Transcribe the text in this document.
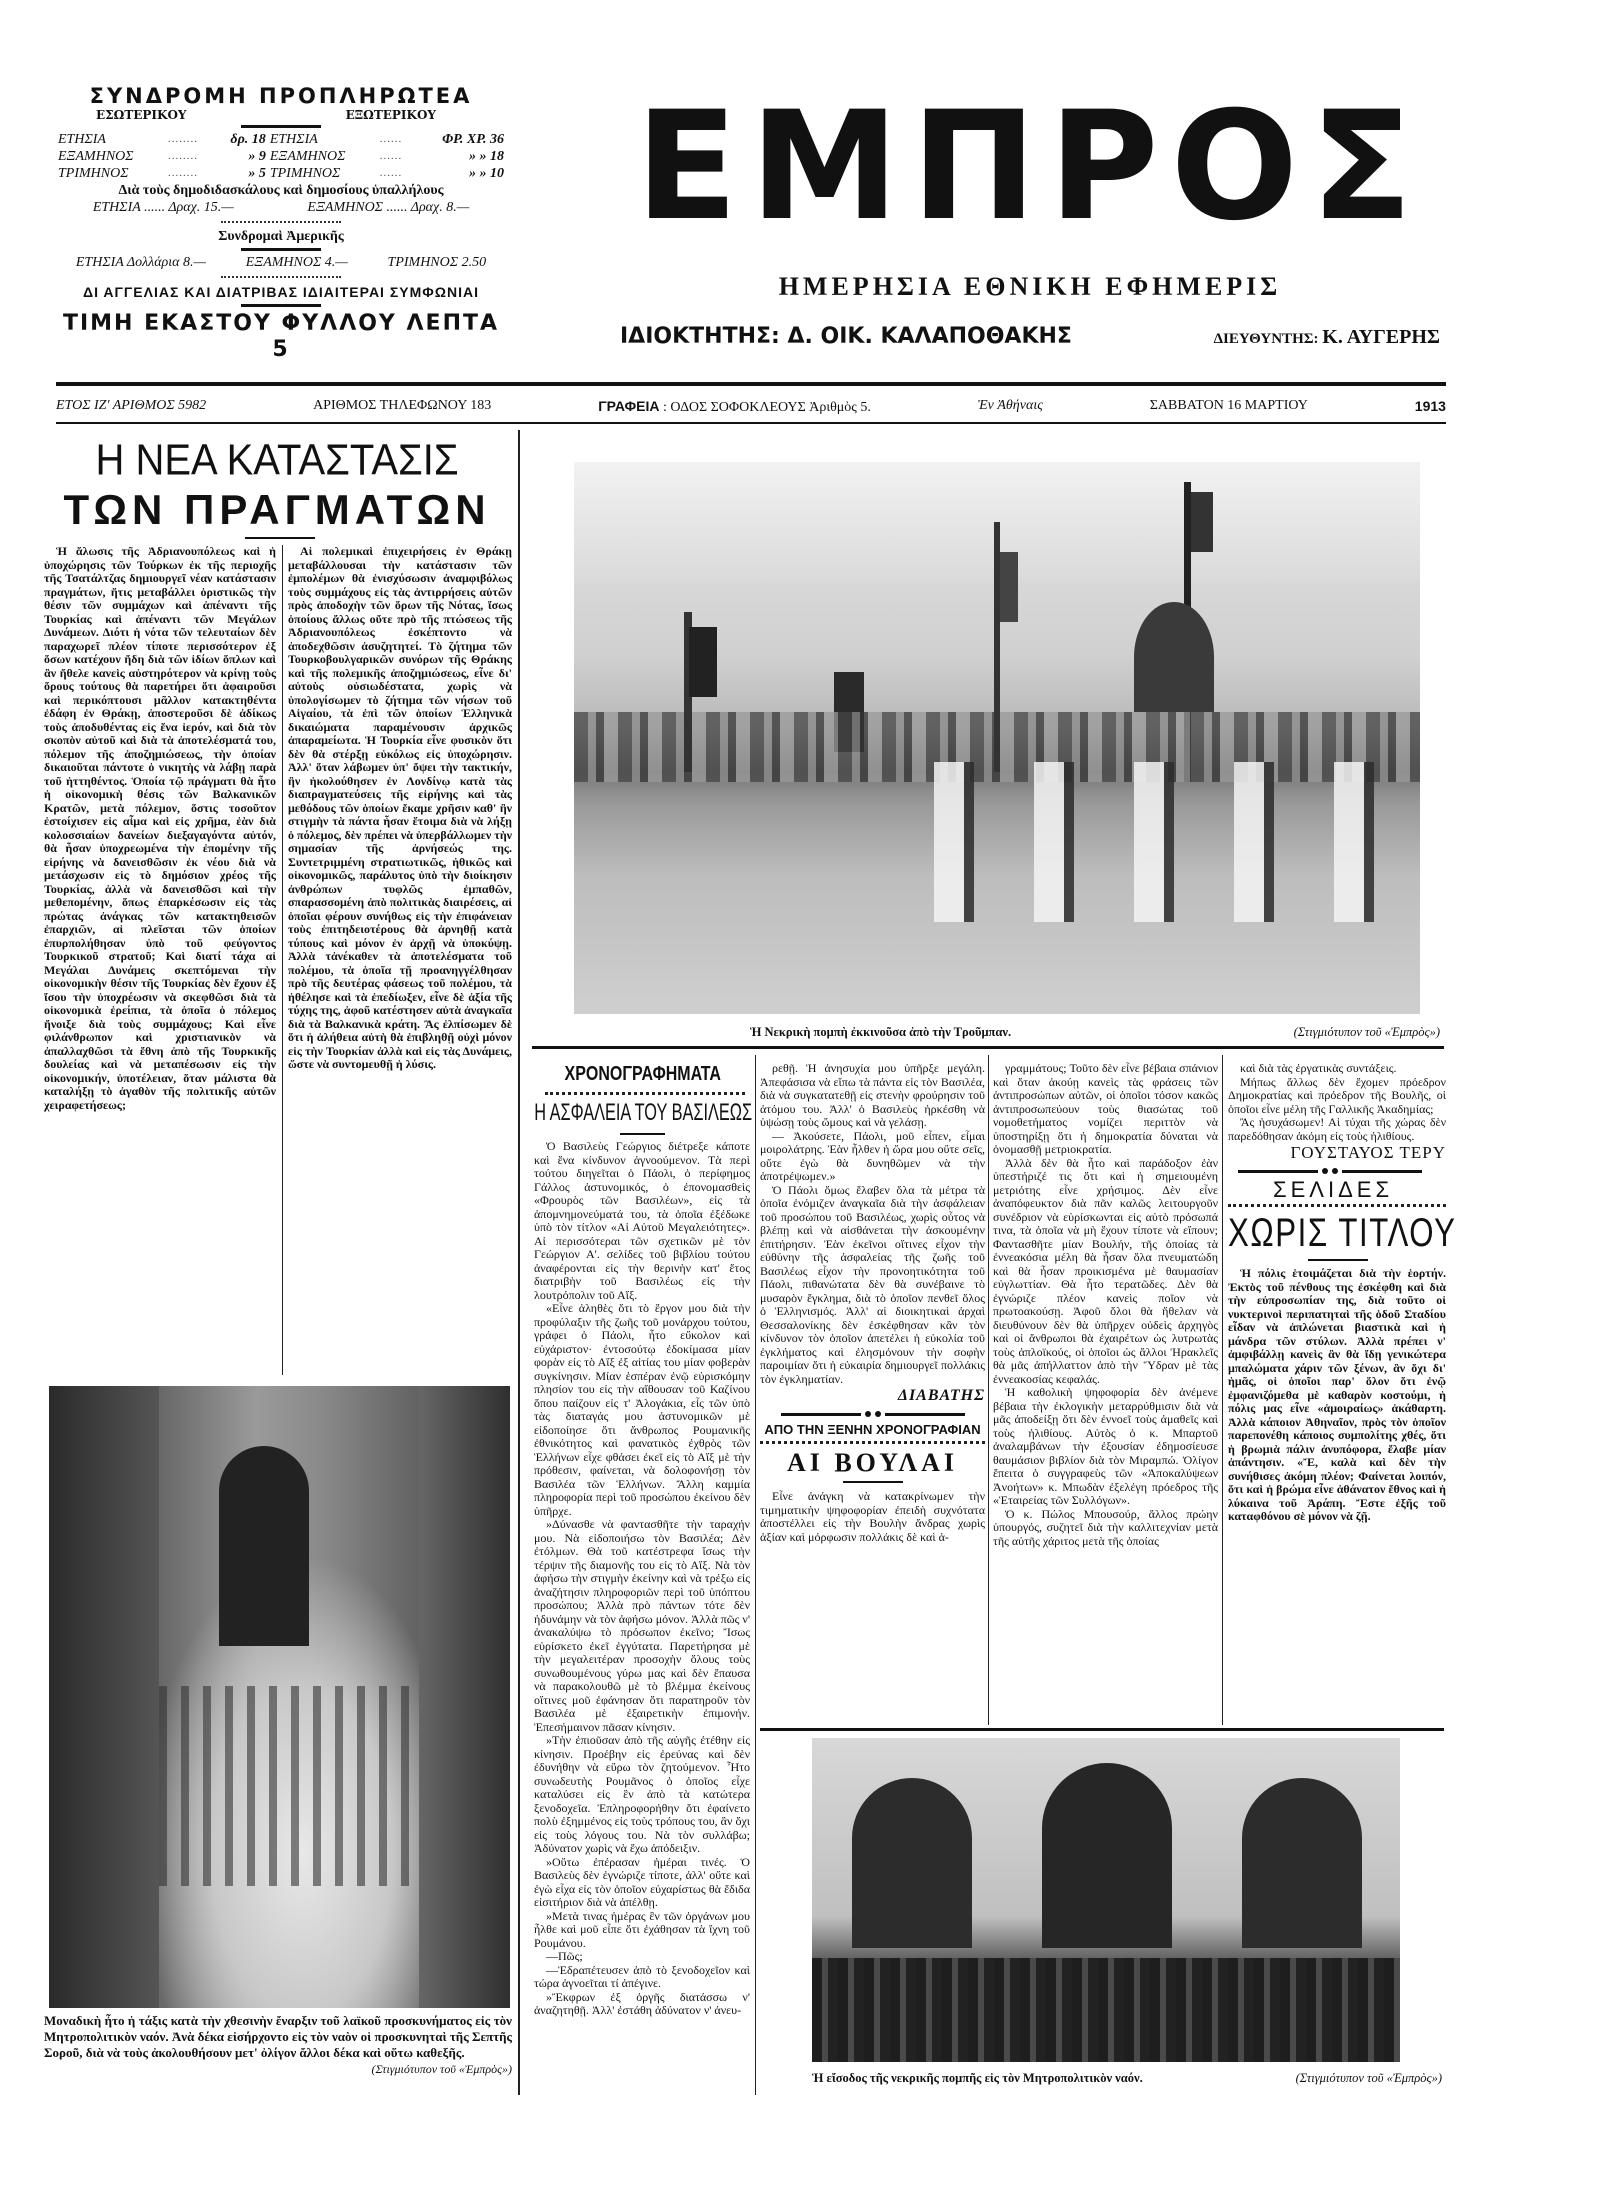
ΣΥΝΔΡΟΜΗ ΠΡΟΠΛΗΡΩΤΕΑ
ΕΣΩΤΕΡΙΚΟΥ	ΕΞΩΤΕΡΙΚΟΥ
ΕΤΗΣΙΑ	........	δρ. 18	ΕΤΗΣΙΑ	......	ΦΡ. ΧΡ. 36
ΕΞΑΜΗΝΟΣ	........	» 9	ΕΞΑΜΗΝΟΣ	......	» » 18
ΤΡΙΜΗΝΟΣ	........	» 5	ΤΡΙΜΗΝΟΣ	......	» » 10
Διὰ τοὺς δημοδιδασκάλους καὶ δημοσίους ὑπαλλήλους
ΕΤΗΣΙΑ ...... Δραχ. 15.—	ΕΞΑΜΗΝΟΣ ...... Δραχ. 8.—
Συνδρομαὶ Ἀμερικῆς
ΕΤΗΣΙΑ Δολλάρια 8.—	ΕΞΑΜΗΝΟΣ 4.—	ΤΡΙΜΗΝΟΣ 2.50
ΔΙ ΑΓΓΕΛΙΑΣ ΚΑΙ ΔΙΑΤΡΙΒΑΣ ΙΔΙΑΙΤΕΡΑΙ ΣΥΜΦΩΝΙΑΙ
ΤΙΜΗ ΕΚΑΣΤΟΥ ΦΥΛΛΟΥ ΛΕΠΤΑ 5
ΕΜΠΡΟΣ
ΗΜΕΡΗΣΙΑ ΕΘΝΙΚΗ ΕΦΗΜΕΡΙΣ
ΙΔΙΟΚΤΗΤΗΣ: Δ. ΟΙΚ. ΚΑΛΑΠΟΘΑΚΗΣ	ΔΙΕΥΘΥΝΤΗΣ: Κ. ΑΥΓΕΡΗΣ
ΕΤΟΣ ΙΖ' ΑΡΙΘΜΟΣ 5982	ΑΡΙΘΜΟΣ ΤΗΛΕΦΩΝΟΥ 183	ΓΡΑΦΕΙΑ : ΟΔΟΣ ΣΟΦΟΚΛΕΟΥΣ Ἀριθμὸς 5.	Ἐν Ἀθήναις	ΣΑΒΒΑΤΟΝ 16 ΜΑΡΤΙΟΥ	1913
Η ΝΕΑ ΚΑΤΑΣΤΑΣΙΣ
ΤΩΝ ΠΡΑΓΜΑΤΩΝ

Ἡ ἅλωσις τῆς Ἀδριανουπόλεως καὶ ἡ ὑποχώρησις τῶν Τούρκων ἐκ τῆς περιοχῆς τῆς Τσατάλτζας δημιουργεῖ νέαν κατάστασιν πραγμάτων, ἥτις μεταβάλλει ὁριστικῶς τὴν θέσιν τῶν συμμάχων καὶ ἀπέναντι τῆς Τουρκίας καὶ ἀπέναντι τῶν Μεγάλων Δυνάμεων. Διότι ἡ νότα τῶν τελευταίων δὲν παραχωρεῖ πλέον τίποτε περισσότερον ἐξ ὅσων κατέχουν ἤδη διὰ τῶν ἰδίων ὅπλων καὶ ἂν ἤθελε κανεὶς αὐστηρότερον νὰ κρίνῃ τοὺς ὅρους τούτους θὰ παρετήρει ὅτι ἀφαιροῦσι καὶ περικόπτουσι μᾶλλον κατακτηθέντα ἐδάφη ἐν Θράκῃ, ἀποστεροῦσι δὲ ἀδίκως τοὺς ἀποδυθέντας εἰς ἕνα ἱερόν, καὶ διὰ τὸν σκοπὸν αὐτοῦ καὶ διὰ τὰ ἀποτελέσματά του, πόλεμον τῆς ἀποζημιώσεως, τὴν ὁποίαν δικαιοῦται πάντοτε ὁ νικητὴς νὰ λάβῃ παρὰ τοῦ ἡττηθέντος. Ὁποία τῷ πράγματι θὰ ἦτο ἡ οἰκονομικὴ θέσις τῶν Βαλκανικῶν Κρατῶν, μετὰ πόλεμον, ὅστις τοσοῦτον ἐστοίχισεν εἰς αἷμα καὶ εἰς χρῆμα, ἐὰν διὰ κολοσσιαίων δανείων διεξαγαγόντα αὐτόν, θὰ ἦσαν ὑποχρεωμένα τὴν ἐπομένην τῆς εἰρήνης νὰ δανεισθῶσιν ἐκ νέου διὰ νὰ μετάσχωσιν εἰς τὸ δημόσιον χρέος τῆς Τουρκίας, ἀλλὰ νὰ δανεισθῶσι καὶ τὴν μεθεπομένην, ὅπως ἐπαρκέσωσιν εἰς τὰς πρώτας ἀνάγκας τῶν κατακτηθεισῶν ἐπαρχιῶν, αἱ πλεῖσται τῶν ὁποίων ἐπυρπολήθησαν ὑπὸ τοῦ φεύγοντος Τουρκικοῦ στρατοῦ; Καὶ διατί τάχα αἱ Μεγάλαι Δυνάμεις σκεπτόμεναι τὴν οἰκονομικὴν θέσιν τῆς Τουρκίας δὲν ἔχουν ἐξ ἴσου τὴν ὑποχρέωσιν νὰ σκεφθῶσι διὰ τὰ οἰκονομικὰ ἐρείπια, τὰ ὁποῖα ὁ πόλεμος ἤνοιξε διὰ τοὺς συμμάχους; Καὶ εἶνε φιλάνθρωπον καὶ χριστιανικὸν νὰ ἀπαλλαχθῶσι τὰ ἔθνη ἀπὸ τῆς Τουρκικῆς δουλείας καὶ νὰ μεταπέσωσιν εἰς τὴν οἰκονομικήν, ὑποτέλειαν, ὅταν μάλιστα θὰ καταλήξῃ τὸ ἀγαθὸν τῆς πολιτικῆς αὐτῶν χειραφετήσεως;

Αἱ πολεμικαὶ ἐπιχειρήσεις ἐν Θράκῃ μεταβάλλουσαι τὴν κατάστασιν τῶν ἐμπολέμων θὰ ἐνισχύσωσιν ἀναμφιβόλως τοὺς συμμάχους εἰς τὰς ἀντιρρήσεις αὐτῶν πρὸς ἀποδοχὴν τῶν ὅρων τῆς Νότας, ἴσως ὁποίους ἄλλως οὔτε πρὸ τῆς πτώσεως τῆς Ἀδριανουπόλεως ἐσκέπτοντο νὰ ἀποδεχθῶσιν ἀσυζητητεί. Τὸ ζήτημα τῶν Τουρκοβουλγαρικῶν συνόρων τῆς Θράκης καὶ τῆς πολεμικῆς ἀποζημιώσεως, εἶνε δι' αὐτοὺς οὐσιωδέστατα, χωρὶς νὰ ὑπολογίσωμεν τὸ ζήτημα τῶν νήσων τοῦ Αἰγαίου, τὰ ἐπὶ τῶν ὁποίων Ἑλληνικὰ δικαιώματα παραμένουσιν ἀρχικῶς ἀπαραμείωτα. Ἡ Τουρκία εἶνε φυσικὸν ὅτι δὲν θὰ στέρξῃ εὐκόλως εἰς ὑποχώρησιν. Ἀλλ' ὅταν λάβωμεν ὑπ' ὄψει τὴν τακτικήν, ἣν ἠκολούθησεν ἐν Λονδίνῳ κατὰ τὰς διαπραγματεύσεις τῆς εἰρήνης καὶ τὰς μεθόδους τῶν ὁποίων ἔκαμε χρῆσιν καθ' ἣν στιγμὴν τὰ πάντα ἦσαν ἕτοιμα διὰ νὰ λήξῃ ὁ πόλεμος, δὲν πρέπει νὰ ὑπερβάλλωμεν τὴν σημασίαν τῆς ἀρνήσεώς της. Συντετριμμένη στρατιωτικῶς, ἠθικῶς καὶ οἰκονομικῶς, παράλυτος ὑπὸ τὴν διοίκησιν ἀνθρώπων τυφλῶς ἐμπαθῶν, σπαρασσομένη ἀπὸ πολιτικὰς διαιρέσεις, αἱ ὁποῖαι φέρουν συνήθως εἰς τὴν ἐπιφάνειαν τοὺς ἐπιτηδειοτέρους θὰ ἀρνηθῇ κατὰ τύπους καὶ μόνον ἐν ἀρχῇ νὰ ὑποκύψῃ. Ἀλλὰ τἀνέκαθεν τὰ ἀποτελέσματα τοῦ πολέμου, τὰ ὁποῖα τῇ προανηγγέλθησαν πρὸ τῆς δευτέρας φάσεως τοῦ πολέμου, τὰ ἠθέλησε καὶ τὰ ἐπεδίωξεν, εἶνε δὲ ἀξία τῆς τύχης της, ἀφοῦ κατέστησεν αὐτὰ ἀναγκαῖα διὰ τὰ Βαλκανικὰ κράτη. Ἂς ἐλπίσωμεν δὲ ὅτι ἡ ἀλήθεια αὐτὴ θὰ ἐπιβληθῇ οὐχὶ μόνον εἰς τὴν Τουρκίαν ἀλλὰ καὶ εἰς τὰς Δυνάμεις, ὥστε νὰ συντομευθῇ ἡ λύσις.

Ἡ Νεκρικὴ πομπὴ ἐκκινοῦσα ἀπὸ τὴν Τροῦμπαν.	(Στιγμιότυπον τοῦ «Ἐμπρὸς»)
ΧΡΟΝΟΓΡΑΦΗΜΑΤΑ
Η ΑΣΦΑΛΕΙΑ ΤΟΥ ΒΑΣΙΛΕΩΣ

Ὁ Βασιλεὺς Γεώργιος διέτρεξε κάποτε καὶ ἕνα κίνδυνον ἀγνοούμενον. Τὰ περὶ τούτου διηγεῖται ὁ Πάολι, ὁ περίφημος Γάλλος ἀστυνομικός, ὁ ἐπονομασθεὶς «Φρουρὸς τῶν Βασιλέων», εἰς τὰ ἀπομνημονεύματά του, τὰ ὁποῖα ἐξέδωκε ὑπὸ τὸν τίτλον «Αἱ Αὐτοῦ Μεγαλειότητες». Αἱ περισσότεραι τῶν σχετικῶν μὲ τὸν Γεώργιον Α'. σελίδες τοῦ βιβλίου τούτου ἀναφέρονται εἰς τὴν θερινὴν κατ' ἔτος διατριβὴν τοῦ Βασιλέως εἰς τὴν λουτρόπολιν τοῦ Αἴξ.

«Εἶνε ἀληθὲς ὅτι τὸ ἔργον μου διὰ τὴν προφύλαξιν τῆς ζωῆς τοῦ μονάρχου τούτου, γράφει ὁ Πάολι, ἦτο εὔκολον καὶ εὐχάριστον· ἐντοσούτῳ ἐδοκίμασα μίαν φορὰν εἰς τὸ Αἴξ ἐξ αἰτίας του μίαν φοβερὰν συγκίνησιν. Μίαν ἑσπέραν ἐνῷ εὑρισκόμην πλησίον του εἰς τὴν αἴθουσαν τοῦ Καζίνου ὅπου παίζουν εἰς τ' Ἀλογάκια, εἷς τῶν ὑπὸ τὰς διαταγάς μου ἀστυνομικῶν μὲ εἰδοποίησε ὅτι ἄνθρωπος Ρουμανικῆς ἐθνικότητος καὶ φανατικὸς ἐχθρὸς τῶν Ἑλλήνων εἶχε φθάσει ἐκεῖ εἰς τὸ Αἴξ μὲ τὴν πρόθεσιν, φαίνεται, νὰ δολοφονήσῃ τὸν Βασιλέα τῶν Ἑλλήνων. Ἄλλη καμμία πληροφορία περὶ τοῦ προσώπου ἐκείνου δὲν ὑπῆρχε.

»Δύνασθε νὰ φαντασθῆτε τὴν ταραχήν μου. Νὰ εἰδοποιήσω τὸν Βασιλέα; Δὲν ἐτόλμων. Θὰ τοῦ κατέστρεφα ἴσως τὴν τέρψιν τῆς διαμονῆς του εἰς τὸ Αἴξ. Νὰ τὸν ἀφήσω τὴν στιγμὴν ἐκείνην καὶ νὰ τρέξω εἰς ἀναζήτησιν πληροφοριῶν περὶ τοῦ ὑπόπτου προσώπου; Ἀλλὰ πρὸ πάντων τότε δὲν ἠδυνάμην νὰ τὸν ἀφήσω μόνον. Ἀλλὰ πῶς ν' ἀνακαλύψω τὸ πρόσωπον ἐκεῖνο; Ἴσως εὑρίσκετο ἐκεῖ ἐγγύτατα. Παρετήρησα μὲ τὴν μεγαλειτέραν προσοχὴν ὅλους τοὺς συνωθουμένους γύρω μας καὶ δὲν ἔπαυσα νὰ παρακολουθῶ μὲ τὸ βλέμμα ἐκείνους οἵτινες μοῦ ἐφάνησαν ὅτι παρατηροῦν τὸν Βασιλέα μὲ ἐξαιρετικὴν ἐπιμονήν. Ἐπεσήμαινον πᾶσαν κίνησιν.

»Τὴν ἐπιοῦσαν ἀπὸ τῆς αὐγῆς ἐτέθην εἰς κίνησιν. Προέβην εἰς ἐρεύνας καὶ δὲν ἐδυνήθην νὰ εὕρω τὸν ζητούμενον. Ἦτο συνωδευτὴς Ρουμᾶνος ὁ ὁποῖος εἶχε καταλύσει εἰς ἓν ἀπὸ τὰ κατώτερα ξενοδοχεῖα. Ἐπληροφορήθην ὅτι ἐφαίνετο πολὺ ἐξημμένος εἰς τοὺς τρόπους του, ἂν ὄχι εἰς τοὺς λόγους του. Νὰ τὸν συλλάβω; Ἀδύνατον χωρὶς νὰ ἔχω ἀπόδειξιν.

»Οὕτω ἐπέρασαν ἡμέραι τινές. Ὁ Βασιλεὺς δὲν ἐγνώριζε τίποτε, ἀλλ' οὔτε καὶ ἐγὼ εἶχα εἰς τὸν ὁποῖον εὐχαρίστως θὰ ἔδιδα εἰσιτήριον διὰ νὰ ἀπέλθῃ.

»Μετὰ τινας ἡμέρας ἓν τῶν ὀργάνων μου ἦλθε καὶ μοῦ εἶπε ὅτι ἐχάθησαν τὰ ἴχνη τοῦ Ρουμάνου.

—Πῶς;

—Ἐδραπέτευσεν ἀπὸ τὸ ξενοδοχεῖον καὶ τώρα ἀγνοεῖται τί ἀπέγινε.

»Ἔκφρων ἐξ ὀργῆς διατάσσω ν' ἀναζητηθῇ. Ἀλλ' ἐστάθη ἀδύνατον ν' ἀνευ-

ρεθῇ. Ἡ ἀνησυχία μου ὑπῆρξε μεγάλη. Ἀπεφάσισα νὰ εἴπω τὰ πάντα εἰς τὸν Βασιλέα, διὰ νὰ συγκατατεθῇ εἰς στενὴν φρούρησιν τοῦ ἀτόμου του. Ἀλλ' ὁ Βασιλεὺς ἠρκέσθη νὰ ὑψώσῃ τοὺς ὤμους καὶ νὰ γελάσῃ.

— Ἀκούσετε, Πάολι, μοῦ εἶπεν, εἶμαι μοιρολάτρης. Ἐὰν ἦλθεν ἡ ὥρα μου οὔτε σεῖς, οὔτε ἐγὼ θὰ δυνηθῶμεν νὰ τὴν ἀποτρέψωμεν.»

Ὁ Πάολι ὅμως ἔλαβεν ὅλα τὰ μέτρα τὰ ὁποῖα ἐνόμιζεν ἀναγκαῖα διὰ τὴν ἀσφάλειαν τοῦ προσώπου τοῦ Βασιλέως, χωρὶς οὗτος νὰ βλέπῃ καὶ νὰ αἰσθάνεται τὴν ἀσκουμένην ἐπιτήρησιν. Ἐὰν ἐκεῖνοι οἵτινες εἶχον τὴν εὐθύνην τῆς ἀσφαλείας τῆς ζωῆς τοῦ Βασιλέως εἶχον τὴν προνοητικότητα τοῦ Πάολι, πιθανώτατα δὲν θὰ συνέβαινε τὸ μυσαρὸν ἔγκλημα, διὰ τὸ ὁποῖον πενθεῖ ὅλος ὁ Ἑλληνισμός. Ἀλλ' αἱ διοικητικαὶ ἀρχαὶ Θεσσαλονίκης δὲν ἐσκέφθησαν κἂν τὸν κίνδυνον τὸν ὁποῖον ἀπετέλει ἡ εὐκολία τοῦ ἐγκλήματος καὶ ἐλησμόνουν τὴν σοφὴν παροιμίαν ὅτι ἡ εὐκαιρία δημιουργεῖ πολλάκις τὸν ἐγκληματίαν.

ΔΙΑΒΑΤΗΣ
ΑΠΟ ΤΗΝ ΞΕΝΗΝ ΧΡΟΝΟΓΡΑΦΙΑΝ
ΑΙ ΒΟΥΛΑΙ

Εἶνε ἀνάγκη νὰ κατακρίνωμεν τὴν τιμηματικὴν ψηφοφορίαν ἐπειδὴ συχνότατα ἀποστέλλει εἰς τὴν Βουλὴν ἄνδρας χωρὶς ἀξίαν καὶ μόρφωσιν πολλάκις δὲ καὶ ἀ-

γραμμάτους; Τοῦτο δὲν εἶνε βέβαια σπάνιον καὶ ὅταν ἀκούῃ κανεὶς τὰς φράσεις τῶν ἀντιπροσώπων αὐτῶν, οἱ ὁποῖοι τόσον κακῶς ἀντιπροσωπεύουν τοὺς θιασώτας τοῦ νομοθετήματος νομίζει περιττὸν νὰ ὑποστηρίξῃ ὅτι ἡ δημοκρατία δύναται νὰ ὀνομασθῇ μετριοκρατία.

Ἀλλὰ δὲν θὰ ἦτο καὶ παράδοξον ἐὰν ὑπεστήριζέ τις ὅτι καὶ ἡ σημειουμένη μετριότης εἶνε χρήσιμος. Δὲν εἶνε ἀναπόφευκτον διὰ πᾶν καλῶς λειτουργοῦν συνέδριον νὰ εὑρίσκωνται εἰς αὐτὸ πρόσωπά τινα, τὰ ὁποῖα νὰ μὴ ἔχουν τίποτε νὰ εἴπουν; Φαντασθῆτε μίαν Βουλήν, τῆς ὁποίας τὰ ἐννεακόσια μέλη θὰ ἦσαν ὅλα πνευματώδη καὶ θὰ ἦσαν προικισμένα μὲ θαυμασίαν εὐγλωττίαν. Θὰ ἦτο τερατῶδες. Δὲν θὰ ἐγνώριζε πλέον κανεὶς ποῖον νὰ πρωτοακούσῃ. Ἀφοῦ ὅλοι θὰ ἤθελαν νὰ διευθύνουν δὲν θὰ ὑπῆρχεν οὐδεὶς ἀρχηγὸς καὶ οἱ ἄνθρωποι θὰ ἐχαιρέτων ὡς λυτρωτὰς τοὺς ἁπλοϊκούς, οἱ ὁποῖοι ὡς ἄλλοι Ἡρακλεῖς θὰ μᾶς ἀπήλλαττον ἀπὸ τὴν Ὕδραν μὲ τὰς ἐννεακοσίας κεφαλάς.

Ἡ καθολικὴ ψηφοφορία δὲν ἀνέμενε βέβαια τὴν ἐκλογικὴν μεταρρύθμισιν διὰ νὰ μᾶς ἀποδείξῃ ὅτι δὲν ἐννοεῖ τοὺς ἀμαθεῖς καὶ τοὺς ἠλιθίους. Αὐτὸς ὁ κ. Μπαρτοῦ ἀναλαμβάνων τὴν ἐξουσίαν ἐδημοσίευσε θαυμάσιον βιβλίον διὰ τὸν Μιραμπώ. Ὀλίγον ἔπειτα ὁ συγγραφεὺς τῶν «Ἀποκαλύψεων Ἀνοήτων» κ. Μπωδὰν ἐξελέγη πρόεδρος τῆς «Ἑταιρείας τῶν Συλλόγων».

Ὁ κ. Πώλος Μπουσούρ, ἄλλος πρώην ὑπουργός, συζητεῖ διὰ τὴν καλλιτεχνίαν μετὰ τῆς αὐτῆς χάριτος μετὰ τῆς ὁποίας

καὶ διὰ τὰς ἐργατικὰς συντάξεις.

Μήπως ἄλλως δὲν ἔχομεν πρόεδρον Δημοκρατίας καὶ πρόεδρον τῆς Βουλῆς, οἱ ὁποῖοι εἶνε μέλη τῆς Γαλλικῆς Ἀκαδημίας;

Ἂς ἡσυχάσωμεν! Αἱ τύχαι τῆς χώρας δὲν παρεδόθησαν ἀκόμη εἰς τοὺς ἠλιθίους.

ΓΟΥΣΤΑΥΟΣ ΤΕΡΥ
ΣΕΛΙΔΕΣ
ΧΩΡΙΣ ΤΙΤΛΟΥ

Ἡ πόλις ἑτοιμάζεται διὰ τὴν ἑορτήν. Ἐκτὸς τοῦ πένθους της ἐσκέφθη καὶ διὰ τὴν εὐπροσωπίαν της, διὰ τοῦτο οἱ νυκτερινοὶ περιπατηταὶ τῆς ὁδοῦ Σταδίου εἶδαν νὰ ἁπλώνεται βιαστικὰ καὶ ἡ μάνδρα τῶν στύλων. Ἀλλὰ πρέπει ν' ἀμφιβάλλῃ κανεὶς ἂν θὰ ἴδῃ γενικώτερα μπαλώματα χάριν τῶν ξένων, ἂν ὄχι δι' ἡμᾶς, οἱ ὁποῖοι παρ' ὅλον ὅτι ἐνῷ ἐμφανιζόμεθα μὲ καθαρὸν κοστούμι, ἡ πόλις μας εἶνε «ἀμοιραίως» ἀκάθαρτη. Ἀλλὰ κάποιον Ἀθηναῖον, πρὸς τὸν ὁποῖον παρεπονέθη κάποιος συμπολίτης χθές, ὅτι ἡ βρωμιὰ πάλιν ἀνυπόφορα, ἔλαβε μίαν ἀπάντησιν. «Ἔ, καλὰ καὶ δὲν τὴν συνήθισες ἀκόμη πλέον; Φαίνεται λοιπόν, ὅτι καὶ ἡ βρώμα εἶνε ἀθάνατον ἔθνος καὶ ἡ λύκαινα τοῦ Ἀράπη. Ἔστε ἐξῆς τοῦ καταφθόνου σὲ μόνον νὰ ζῇ.

Μοναδικὴ ἦτο ἡ τάξις κατὰ τὴν χθεσινὴν ἔναρξιν τοῦ λαϊκοῦ προσκυνήματος εἰς τὸν Μητροπολιτικὸν ναόν. Ἀνὰ δέκα εἰσήρχοντο εἰς τὸν ναὸν οἱ προσκυνηταὶ τῆς Σεπτῆς Σοροῦ, διὰ νὰ τοὺς ἀκολουθήσουν μετ' ὀλίγον ἄλλοι δέκα καὶ οὕτω καθεξῆς.
(Στιγμιότυπον τοῦ «Ἐμπρὸς»)
Ἡ εἴσοδος τῆς νεκρικῆς πομπῆς εἰς τὸν Μητροπολιτικὸν ναόν.	(Στιγμιότυπον τοῦ «Ἐμπρὸς»)
